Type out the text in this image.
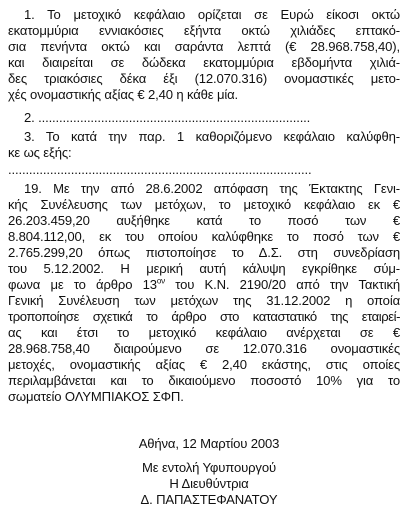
1. Το μετοχικό κεφάλαιο ορίζεται σε Ευρώ είκοσι οκτώ
εκατομμύρια εννιακόσιες εξήντα οκτώ χιλιάδες επτακό-
σια πενήντα οκτώ και σαράντα λεπτά (€ 28.968.758,40),
και διαιρείται σε δώδεκα εκατομμύρια εβδομήντα χιλιά-
δες τριακόσιες δέκα έξι (12.070.316) ονομαστικές μετο-
χές ονομαστικής αξίας € 2,40 η κάθε μία.
2. ..............................................................................
3. Το κατά την παρ. 1 καθοριζόμενο κεφάλαιο καλύφθη-
κε ως εξής:
.......................................................................................
19. Με την από 28.6.2002 απόφαση της Έκτακτης Γενι-
κής Συνέλευσης των μετόχων, το μετοχικό κεφάλαιο εκ €
26.203.459,20 αυξήθηκε κατά το ποσό των €
8.804.112,00, εκ του οποίου καλύφθηκε το ποσό των €
2.765.299,20 όπως πιστοποίησε το Δ.Σ. στη συνεδρίαση
του 5.12.2002. Η μερική αυτή κάλυψη εγκρίθηκε σύμ-
φωνα με το άρθρο $13^{o\nu}$ του Κ.Ν. 2190/20 από την Τακτική
Γενική Συνέλευση των μετόχων της 31.12.2002 η οποία
τροποποίησε σχετικά το άρθρο στο καταστατικό της εταιρεί-
ας και έτσι το μετοχικό κεφάλαιο ανέρχεται σε €
28.968.758,40 διαιρούμενο σε 12.070.316 ονομαστικές
μετοχές, ονομαστικής αξίας € 2,40 εκάστης, στις οποίες
περιλαμβάνεται και το δικαιούμενο ποσοστό 10% για το
σωματείο ΟΛΥΜΠΙΑΚΟΣ ΣΦΠ.
Αθήνα, 12 Μαρτίου 2003
Με εντολή Υφυπουργού
Η Διευθύντρια
Δ. ΠΑΠΑΣΤΕΦΑΝΑΤΟΥ
